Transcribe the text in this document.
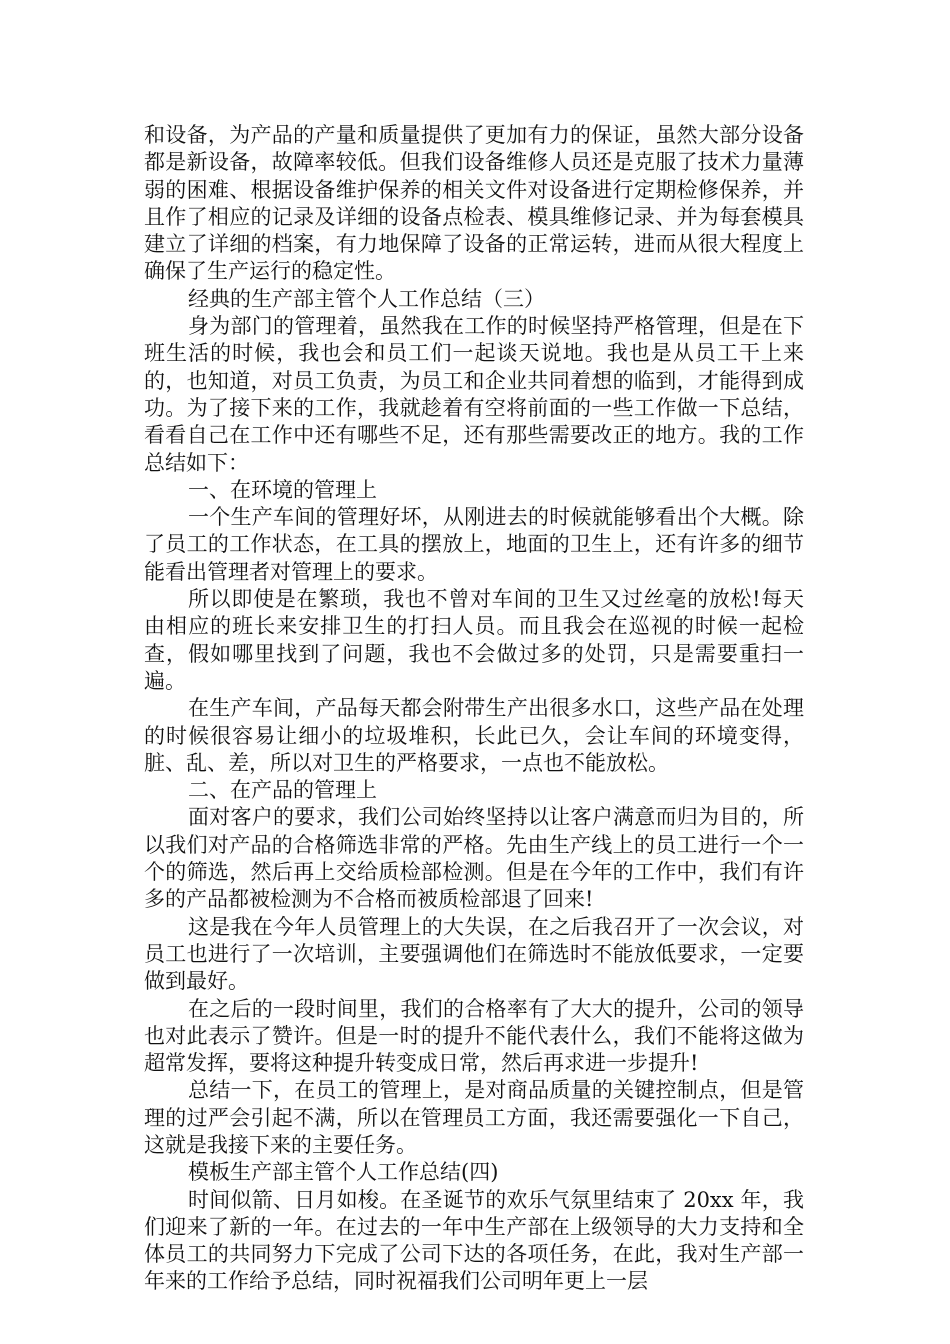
和设备，为产品的产量和质量提供了更加有力的保证，虽然大部分设备都是新设备，故障率较低。但我们设备维修人员还是克服了技术力量薄弱的困难、根据设备维护保养的相关文件对设备进行定期检修保养，并且作了相应的记录及详细的设备点检表、模具维修记录、并为每套模具建立了详细的档案，有力地保障了设备的正常运转，进而从很大程度上确保了生产运行的稳定性。

经典的生产部主管个人工作总结（三）

身为部门的管理着，虽然我在工作的时候坚持严格管理，但是在下班生活的时候，我也会和员工们一起谈天说地。我也是从员工干上来的，也知道，对员工负责，为员工和企业共同着想的临到，才能得到成功。为了接下来的工作，我就趁着有空将前面的一些工作做一下总结，看看自己在工作中还有哪些不足，还有那些需要改正的地方。我的工作总结如下：

一、在环境的管理上

一个生产车间的管理好坏，从刚进去的时候就能够看出个大概。除了员工的工作状态，在工具的摆放上，地面的卫生上，还有许多的细节能看出管理者对管理上的要求。

所以即使是在繁琐，我也不曾对车间的卫生又过丝毫的放松!每天由相应的班长来安排卫生的打扫人员。而且我会在巡视的时候一起检查，假如哪里找到了问题，我也不会做过多的处罚，只是需要重扫一遍。

在生产车间，产品每天都会附带生产出很多水口，这些产品在处理的时候很容易让细小的垃圾堆积，长此已久，会让车间的环境变得，脏、乱、差，所以对卫生的严格要求，一点也不能放松。

二、在产品的管理上

面对客户的要求，我们公司始终坚持以让客户满意而归为目的，所以我们对产品的合格筛选非常的严格。先由生产线上的员工进行一个一个的筛选，然后再上交给质检部检测。但是在今年的工作中，我们有许多的产品都被检测为不合格而被质检部退了回来!

这是我在今年人员管理上的大失误，在之后我召开了一次会议，对员工也进行了一次培训，主要强调他们在筛选时不能放低要求，一定要做到最好。

在之后的一段时间里，我们的合格率有了大大的提升，公司的领导也对此表示了赞许。但是一时的提升不能代表什么，我们不能将这做为超常发挥，要将这种提升转变成日常，然后再求进一步提升!

总结一下，在员工的管理上，是对商品质量的关键控制点，但是管理的过严会引起不满，所以在管理员工方面，我还需要强化一下自己，这就是我接下来的主要任务。

模板生产部主管个人工作总结(四)

时间似箭、日月如梭。在圣诞节的欢乐气氛里结束了 20xx 年，我们迎来了新的一年。在过去的一年中生产部在上级领导的大力支持和全体员工的共同努力下完成了公司下达的各项任务，在此，我对生产部一年来的工作给予总结，同时祝福我们公司明年更上一层
